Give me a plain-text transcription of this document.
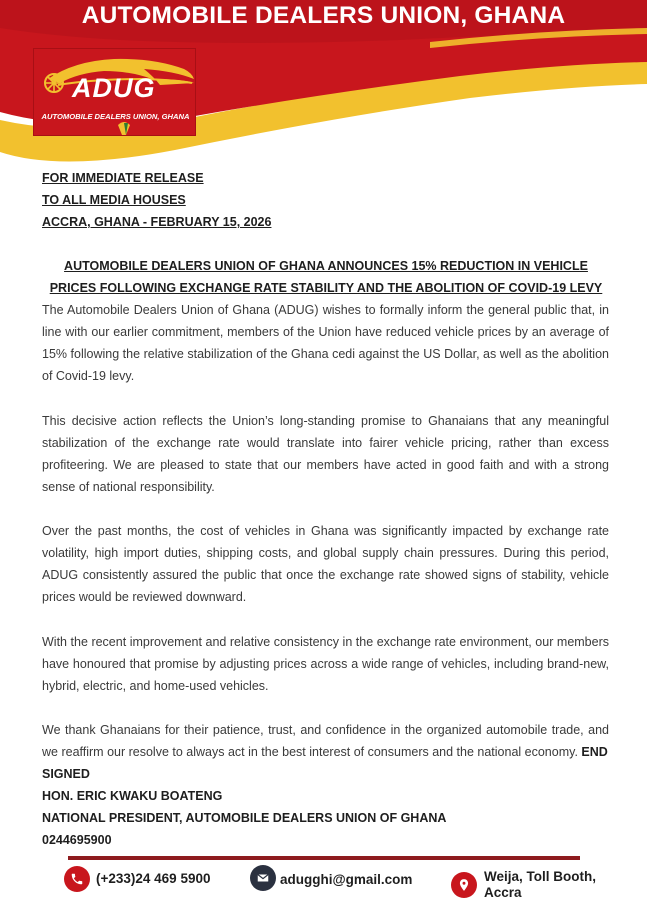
AUTOMOBILE DEALERS UNION, GHANA
ADUG
AUTOMOBILE DEALERS UNION, GHANA
FOR IMMEDIATE RELEASE
TO ALL MEDIA HOUSES
ACCRA, GHANA - FEBRUARY 15, 2026
AUTOMOBILE DEALERS UNION OF GHANA ANNOUNCES 15% REDUCTION IN VEHICLE
PRICES FOLLOWING EXCHANGE RATE STABILITY AND THE ABOLITION OF COVID-19 LEVY
The Automobile Dealers Union of Ghana (ADUG) wishes to formally inform the general public that, in line with our earlier commitment, members of the Union have reduced vehicle prices by an average of 15% following the relative stabilization of the Ghana cedi against the US Dollar, as well as the abolition of Covid-19 levy.
This decisive action reflects the Union’s long-standing promise to Ghanaians that any meaningful stabilization of the exchange rate would translate into fairer vehicle pricing, rather than excess profiteering. We are pleased to state that our members have acted in good faith and with a strong sense of national responsibility.
Over the past months, the cost of vehicles in Ghana was significantly impacted by exchange rate volatility, high import duties, shipping costs, and global supply chain pressures. During this period, ADUG consistently assured the public that once the exchange rate showed signs of stability, vehicle prices would be reviewed downward.
With the recent improvement and relative consistency in the exchange rate environment, our members have honoured that promise by adjusting prices across a wide range of vehicles, including brand-new, hybrid, electric, and home-used vehicles.
We thank Ghanaians for their patience, trust, and confidence in the organized automobile trade, and we reaffirm our resolve to always act in the best interest of consumers and the national economy. END
SIGNED
HON. ERIC KWAKU BOATENG
NATIONAL PRESIDENT, AUTOMOBILE DEALERS UNION OF GHANA
0244695900
(+233)24 469 5900	adugghi@gmail.com	Weija, Toll Booth,
Accra
